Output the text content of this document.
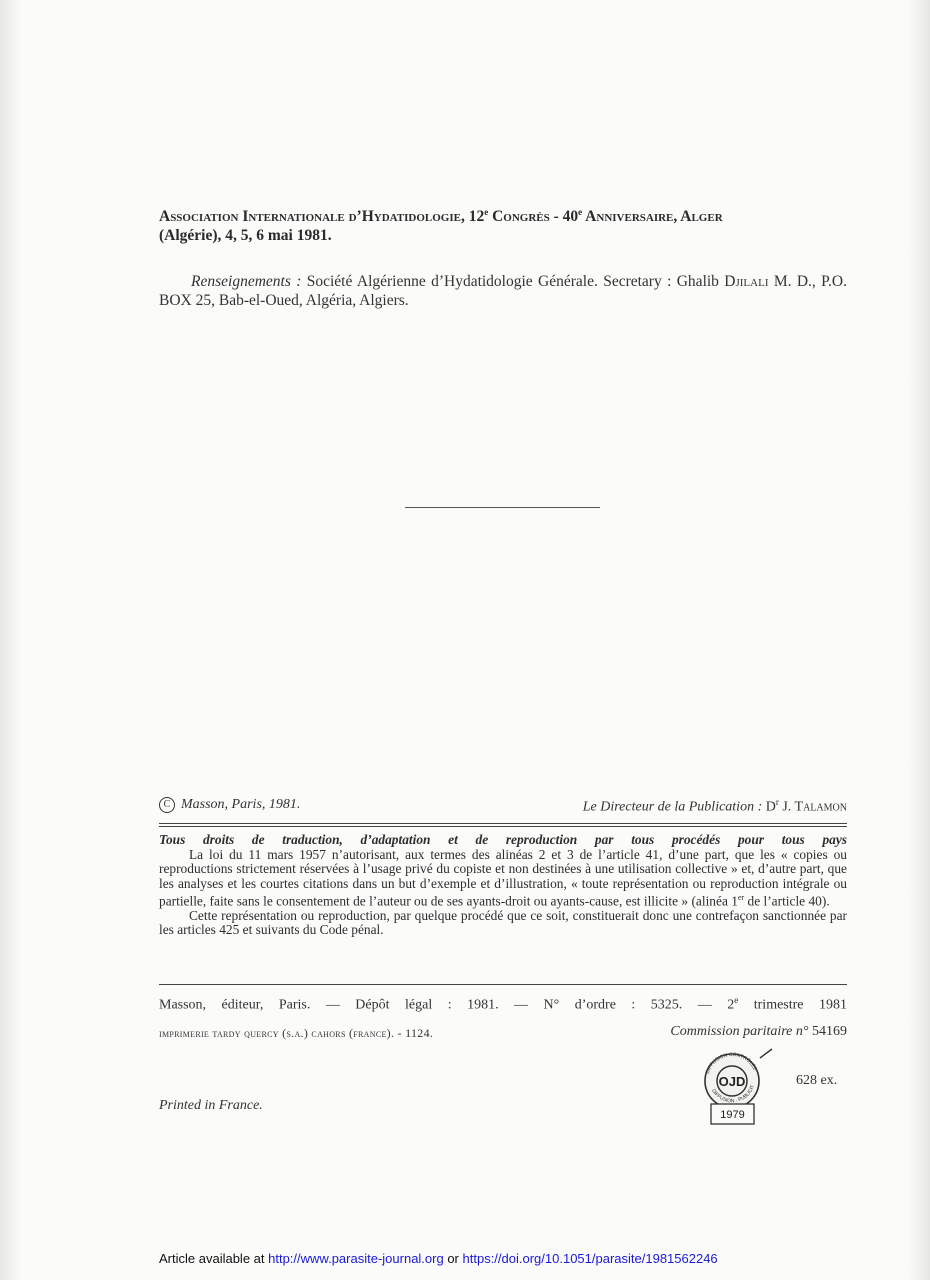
Association Internationale d’Hydatidologie, 12e Congrès - 40e Anniversaire, Alger
(Algérie), 4, 5, 6 mai 1981.
Renseignements : Société Algérienne d’Hydatidologie Générale. Secretary : Ghalib Djilali M. D., P.O. BOX 25, Bab-el-Oued, Algéria, Algiers.
C Masson, Paris, 1981.	Le Directeur de la Publication : $D^r$ J. Talamon
Tous droits de traduction, d’adaptation et de reproduction par tous procédés pour tous pays

La loi du 11 mars 1957 n’autorisant, aux termes des alinéas 2 et 3 de l’article 41, d’une part, que les « copies ou reproductions strictement réservées à l’usage privé du copiste et non destinées à une utilisation collective » et, d’autre part, que les analyses et les courtes citations dans un but d’exemple et d’illustration, « toute représentation ou reproduction intégrale ou partielle, faite sans le consentement de l’auteur ou de ses ayants-droit ou ayants-cause, est illicite » (alinéa 1er de l’article 40).

Cette représentation ou reproduction, par quelque procédé que ce soit, constituerait donc une contrefaçon sanctionnée par les articles 425 et suivants du Code pénal.

Masson, éditeur, Paris. — Dépôt légal : 1981. — N° d’ordre : 5325. — 2e trimestre 1981
imprimerie tardy quercy (s.a.) cahors (france). - 1124.	Commission paritaire n° 54169
OJD
DIFFUSION CONTRÔLÉE
DIFFUSION · PUBLICIT
1979
628 ex.
Printed in France.
Article available at http://www.parasite-journal.org or https://doi.org/10.1051/parasite/1981562246
